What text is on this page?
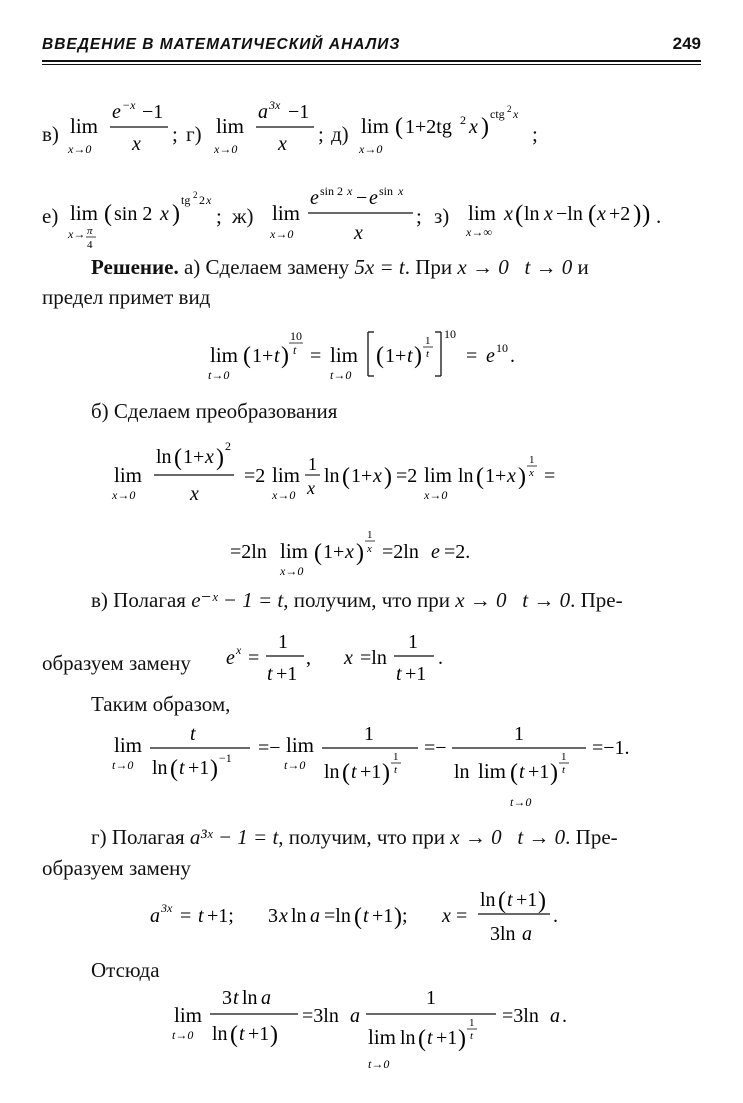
ВВЕДЕНИЕ В МАТЕМАТИЧЕСКИЙ АНАЛИЗ	249
в) lim
x→0
e −x −1
x ; г) lim
x→0
a 3x −1
x ; д) lim
x→0
( 1+2tg 2 x ) ctg 2 x
;
е) lim
x→ π
4
( sin 2 x )
tg 2 2 x
; ж) lim
x→0
e sin 2 x − e sin x
x
; з) lim
x→∞
x ( ln x −ln ( x +2 ) ) .
Решение. а) Сделаем замену 5x = t. При x → 0   t → 0 и
предел примет вид
lim
t→0
( 1+ t )
10
t = lim
t→0
( 1+ t )
1
t
10
= e 10 .
б) Сделаем преобразования
lim
x→0
ln ( 1+ x ) 2
x
=2 lim
x→0
1
x
ln ( 1+ x ) =2 lim
x→0
ln ( 1+ x )
1
x =
=2ln lim
x→0
( 1+ x )
1
x =2ln e =2.
в) Полагая e⁻ˣ − 1 = t, получим, что при x → 0   t → 0. Пре-
образуем замену e x =
1
t +1
, x =ln
1
t +1
.
Таким образом,
lim
t→0
t
ln ( t +1 ) −1 =− lim
t→0
1
ln ( t +1 )
1
t
=−
1
ln lim ( t +1 )
1
t
t→0
=−1.
г) Полагая a³ˣ − 1 = t, получим, что при x → 0   t → 0. Пре-
образуем замену
a 3x = t +1; 3 x ln a =ln ( t +1 ) ; x =
ln ( t +1 )
3ln a
.
Отсюда
lim
t→0
3 t ln a
ln ( t +1 )
=3ln a
1
lim ln ( t +1 )
1
t
t→0
=3ln a .
